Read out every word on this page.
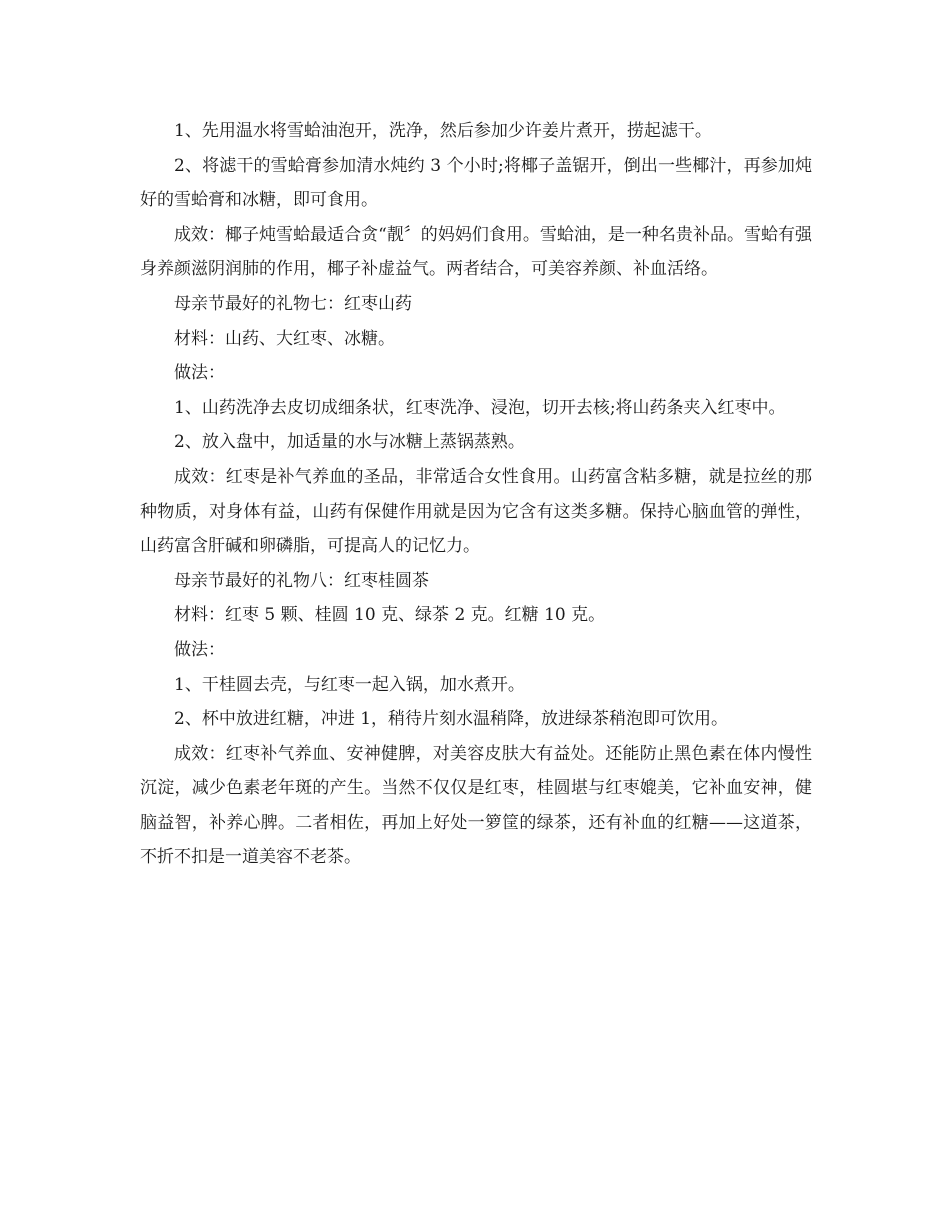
1、先用温水将雪蛤油泡开，洗净，然后参加少许姜片煮开，捞起滤干。

2、将滤干的雪蛤膏参加清水炖约 3 个小时;将椰子盖锯开，倒出一些椰汁，再参加炖好的雪蛤膏和冰糖，即可食用。

成效：椰子炖雪蛤最适合贪“靓〞的妈妈们食用。雪蛤油，是一种名贵补品。雪蛤有强身养颜滋阴润肺的作用，椰子补虚益气。两者结合，可美容养颜、补血活络。

母亲节最好的礼物七：红枣山药

材料：山药、大红枣、冰糖。

做法：

1、山药洗净去皮切成细条状，红枣洗净、浸泡，切开去核;将山药条夹入红枣中。

2、放入盘中，加适量的水与冰糖上蒸锅蒸熟。

成效：红枣是补气养血的圣品，非常适合女性食用。山药富含粘多糖，就是拉丝的那种物质，对身体有益，山药有保健作用就是因为它含有这类多糖。保持心脑血管的弹性，山药富含肝碱和卵磷脂，可提高人的记忆力。

母亲节最好的礼物八：红枣桂圆茶

材料：红枣 5 颗、桂圆 10 克、绿茶 2 克。红糖 10 克。

做法：

1、干桂圆去壳，与红枣一起入锅，加水煮开。

2、杯中放进红糖，冲进 1，稍待片刻水温稍降，放进绿茶稍泡即可饮用。

成效：红枣补气养血、安神健脾，对美容皮肤大有益处。还能防止黑色素在体内慢性沉淀，减少色素老年斑的产生。当然不仅仅是红枣，桂圆堪与红枣媲美，它补血安神，健脑益智，补养心脾。二者相佐，再加上好处一箩筐的绿茶，还有补血的红糖——这道茶，不折不扣是一道美容不老茶。
